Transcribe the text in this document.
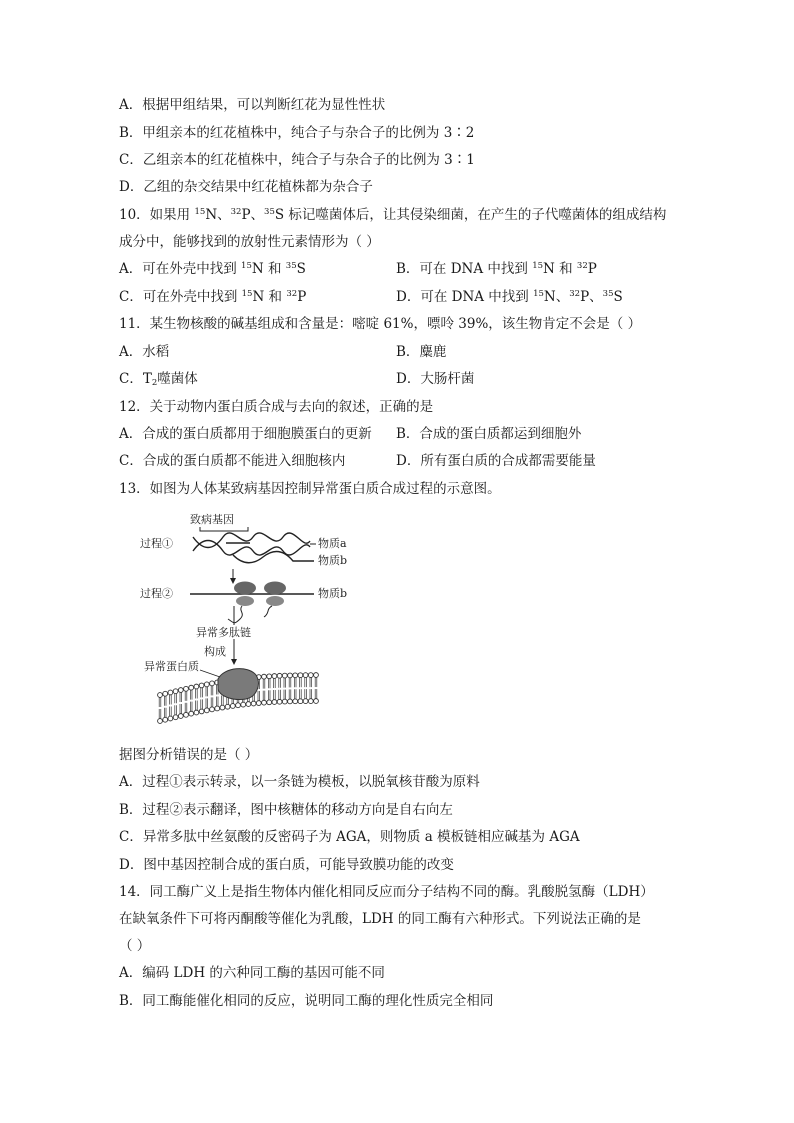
A．根据甲组结果，可以判断红花为显性性状
B．甲组亲本的红花植株中，纯合子与杂合子的比例为 3∶2
C．乙组亲本的红花植株中，纯合子与杂合子的比例为 3∶1
D．乙组的杂交结果中红花植株都为杂合子
10．如果用 $^{15}$N、$^{32}$P、$^{35}$S 标记噬菌体后，让其侵染细菌，在产生的子代噬菌体的组成结构
成分中，能够找到的放射性元素情形为（ ）
A．可在外壳中找到 $^{15}$N 和 $^{35}$S	B．可在 DNA 中找到 $^{15}$N 和 $^{32}$P
C．可在外壳中找到 $^{15}$N 和 $^{32}$P	D．可在 DNA 中找到 $^{15}$N、$^{32}$P、$^{35}$S
11．某生物核酸的碱基组成和含量是：嘧啶 61%，嘌呤 39%，该生物肯定不会是（ ）
A．水稻	B．麋鹿
C．$T_2$噬菌体	D．大肠杆菌
12．关于动物内蛋白质合成与去向的叙述，正确的是
A．合成的蛋白质都用于细胞膜蛋白的更新 B．合成的蛋白质都运到细胞外
C．合成的蛋白质都不能进入细胞核内	D．所有蛋白质的合成都需要能量
13．如图为人体某致病基因控制异常蛋白质合成过程的示意图。
致病基因
过程①	物质a
物质b
过程②	物质b
异常多肽链
构成
异常蛋白质
据图分析错误的是（ ）
A．过程①表示转录，以一条链为模板，以脱氧核苷酸为原料
B．过程②表示翻译，图中核糖体的移动方向是自右向左
C．异常多肽中丝氨酸的反密码子为 AGA，则物质 a 模板链相应碱基为 AGA
D．图中基因控制合成的蛋白质，可能导致膜功能的改变
14．同工酶广义上是指生物体内催化相同反应而分子结构不同的酶。乳酸脱氢酶（LDH）
在缺氧条件下可将丙酮酸等催化为乳酸，LDH 的同工酶有六种形式。下列说法正确的是
（ ）
A．编码 LDH 的六种同工酶的基因可能不同
B．同工酶能催化相同的反应，说明同工酶的理化性质完全相同
